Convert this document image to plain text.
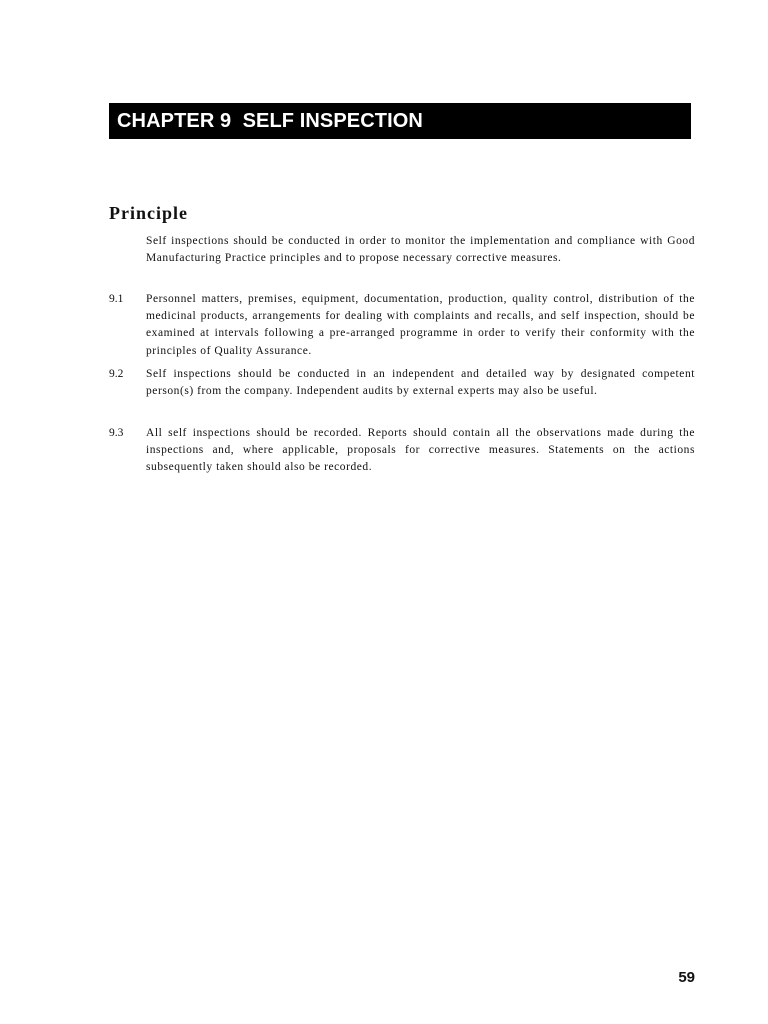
CHAPTER 9  SELF INSPECTION
Principle

Self inspections should be conducted in order to monitor the implementation and compliance with Good Manufacturing Practice principles and to propose necessary corrective measures.

9.1	Personnel matters, premises, equipment, documentation, production, quality control, distribution of the medicinal products, arrangements for dealing with complaints and recalls, and self inspection, should be examined at intervals following a pre-arranged programme in order to verify their conformity with the principles of Quality Assurance.

9.2	Self inspections should be conducted in an independent and detailed way by designated competent person(s) from the company. Independent audits by external experts may also be useful.

9.3	All self inspections should be recorded. Reports should contain all the observations made during the inspections and, where applicable, proposals for corrective measures. Statements on the actions subsequently taken should also be recorded.

59
